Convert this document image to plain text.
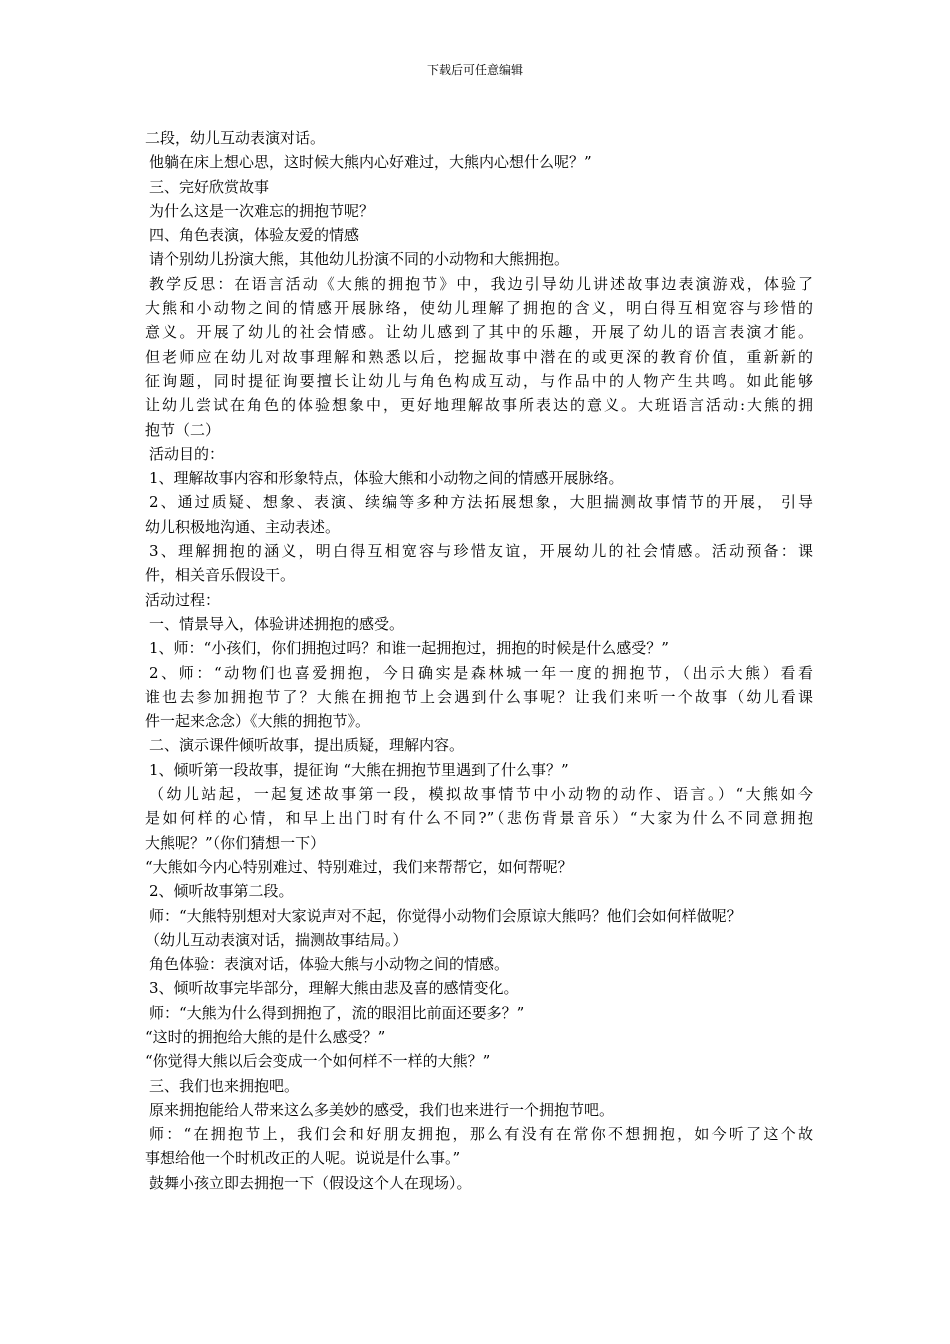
下载后可任意编辑
二段，幼儿互动表演对话。
他躺在床上想心思，这时候大熊内心好难过，大熊内心想什么呢？”
三、完好欣赏故事
为什么这是一次难忘的拥抱节呢？
四、角色表演，体验友爱的情感
请个别幼儿扮演大熊，其他幼儿扮演不同的小动物和大熊拥抱。
教学反思：在语言活动《大熊的拥抱节》中，我边引导幼儿讲述故事边表演游戏，体验了
大熊和小动物之间的情感开展脉络，使幼儿理解了拥抱的含义，明白得互相宽容与珍惜的
意义。开展了幼儿的社会情感。让幼儿感到了其中的乐趣，开展了幼儿的语言表演才能。
但老师应在幼儿对故事理解和熟悉以后，挖掘故事中潜在的或更深的教育价值，重新新的
征询题，同时提征询要擅长让幼儿与角色构成互动，与作品中的人物产生共鸣。如此能够
让幼儿尝试在角色的体验想象中，更好地理解故事所表达的意义。大班语言活动:大熊的拥
抱节（二）
活动目的：
1、理解故事内容和形象特点，体验大熊和小动物之间的情感开展脉络。
2、通过质疑、想象、表演、续编等多种方法拓展想象，大胆揣测故事情节的开展， 引导
幼儿积极地沟通、主动表述。
3、理解拥抱的涵义，明白得互相宽容与珍惜友谊，开展幼儿的社会情感。活动预备：课
件，相关音乐假设干。
活动过程：
一、情景导入，体验讲述拥抱的感受。
1、师：“小孩们，你们拥抱过吗？和谁一起拥抱过，拥抱的时候是什么感受？”
2、师：“动物们也喜爱拥抱，今日确实是森林城一年一度的拥抱节，（出示大熊）看看
谁也去参加拥抱节了？大熊在拥抱节上会遇到什么事呢？让我们来听一个故事（幼儿看课
件一起来念念）《大熊的拥抱节》。
二、演示课件倾听故事，提出质疑，理解内容。
1、倾听第一段故事，提征询 “大熊在拥抱节里遇到了什么事？”
（幼儿站起，一起复述故事第一段，模拟故事情节中小动物的动作、语言。）“大熊如今
是如何样的心情，和早上出门时有什么不同?”（悲伤背景音乐）“大家为什么不同意拥抱
大熊呢？”（你们猜想一下）
“大熊如今内心特别难过、特别难过，我们来帮帮它，如何帮呢？
2、倾听故事第二段。
师：“大熊特别想对大家说声对不起，你觉得小动物们会原谅大熊吗？他们会如何样做呢？
（幼儿互动表演对话，揣测故事结局。）
角色体验：表演对话，体验大熊与小动物之间的情感。
3、倾听故事完毕部分，理解大熊由悲及喜的感情变化。
师：“大熊为什么得到拥抱了，流的眼泪比前面还要多？”
“这时的拥抱给大熊的是什么感受？”
“你觉得大熊以后会变成一个如何样不一样的大熊？”
三、我们也来拥抱吧。
原来拥抱能给人带来这么多美妙的感受，我们也来进行一个拥抱节吧。
师：“在拥抱节上，我们会和好朋友拥抱，那么有没有在常你不想拥抱，如今听了这个故
事想给他一个时机改正的人呢。说说是什么事。”
鼓舞小孩立即去拥抱一下（假设这个人在现场）。
